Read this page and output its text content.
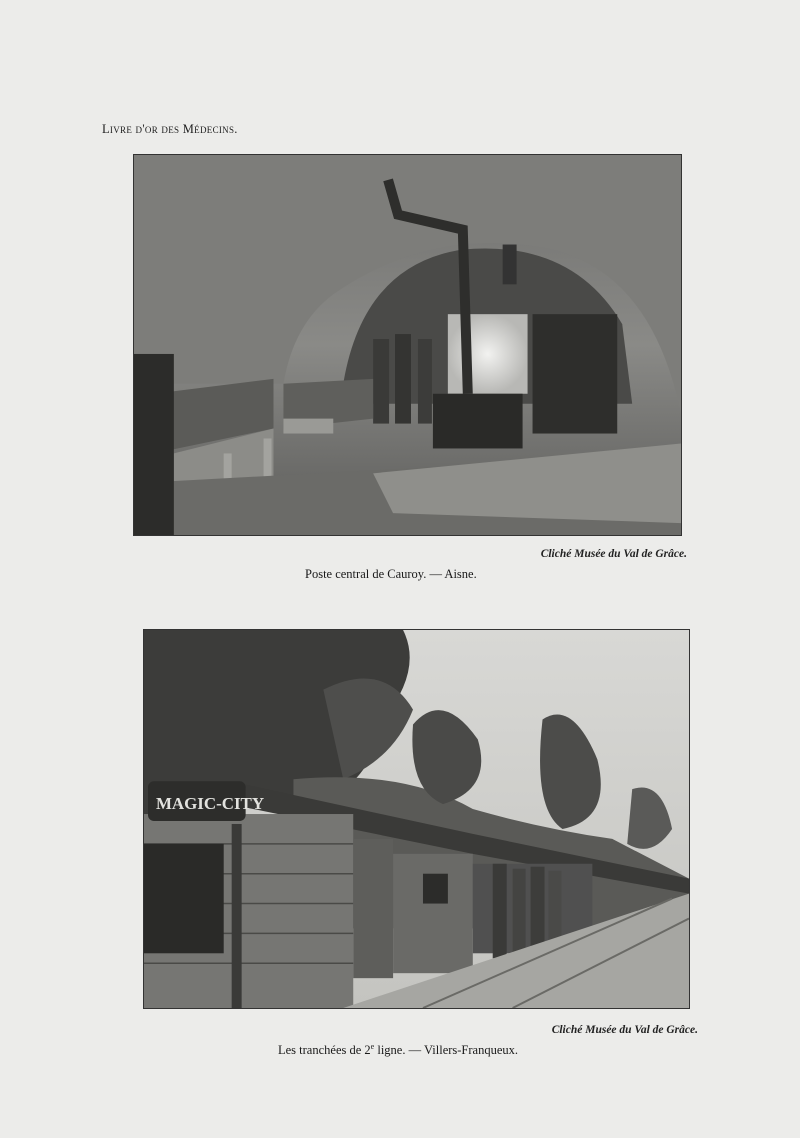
Livre d'or des Médecins.
Cliché Musée du Val de Grâce.
Poste central de Cauroy. — Aisne.
MAGIC-CITY
Cliché Musée du Val de Grâce.
Les tranchées de 2e ligne. — Villers-Franqueux.
